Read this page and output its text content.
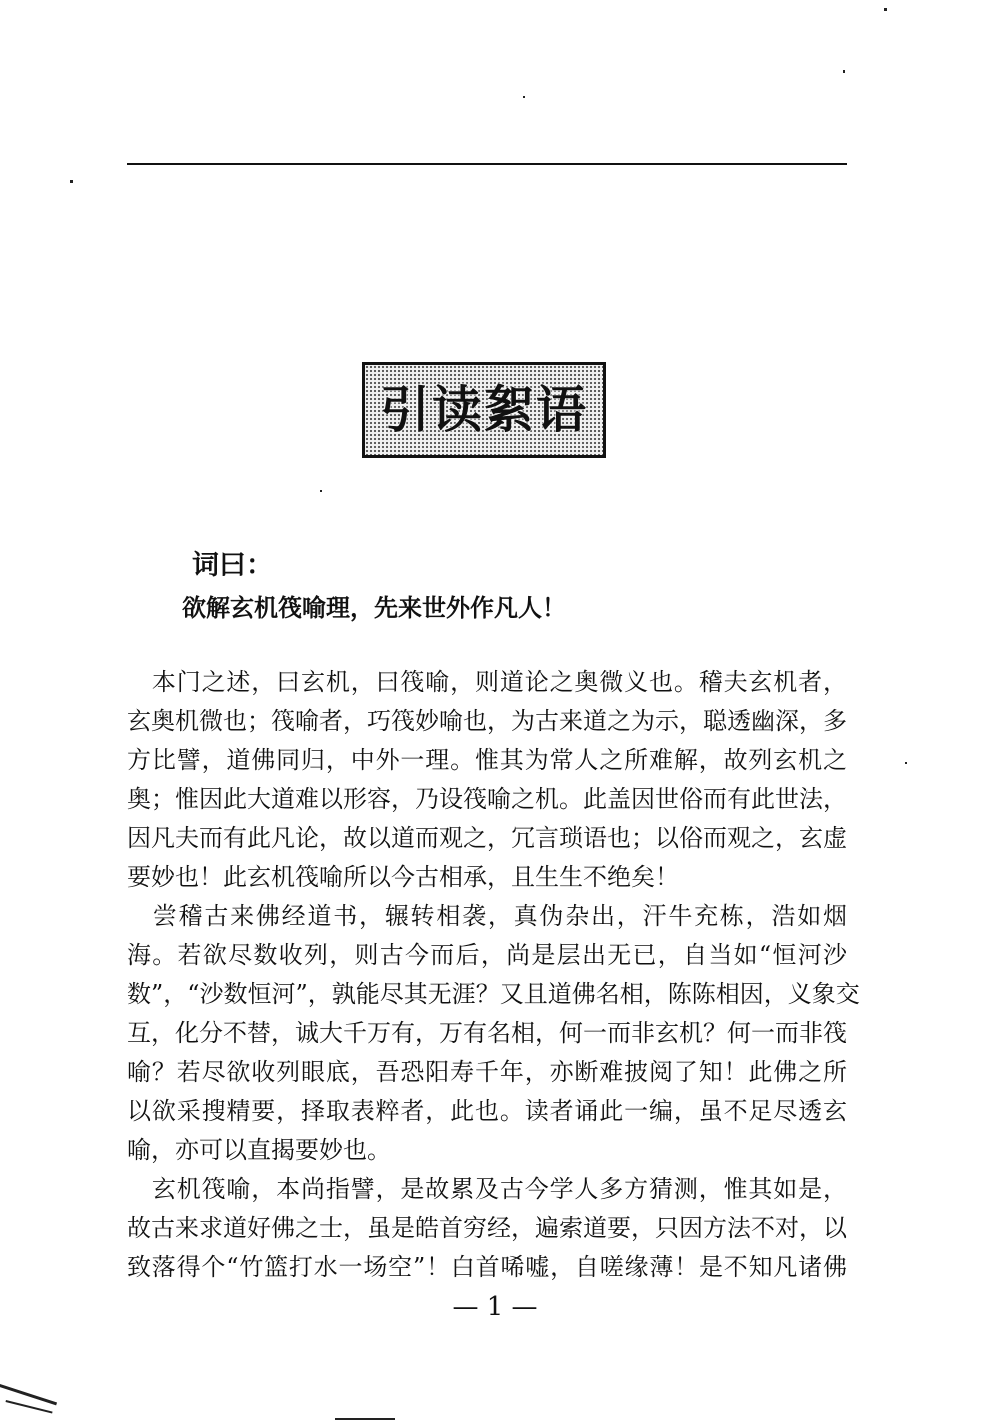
引读絮语
词曰：
欲解玄机筏喻理，先来世外作凡人！
　本门之述，曰玄机，曰筏喻，则道论之奥微义也。稽夫玄机者，
玄奥机微也；筏喻者，巧筏妙喻也，为古来道之为示，聪透幽深，多
方比譬，道佛同归，中外一理。惟其为常人之所难解，故列玄机之
奥；惟因此大道难以形容，乃设筏喻之机。此盖因世俗而有此世法，
因凡夫而有此凡论，故以道而观之，冗言琐语也；以俗而观之，玄虚
要妙也！此玄机筏喻所以今古相承，且生生不绝矣！
　尝稽古来佛经道书，辗转相袭，真伪杂出，汗牛充栋，浩如烟
海。若欲尽数收列，则古今而后，尚是层出无已，自当如“恒河沙
数”，“沙数恒河”，孰能尽其无涯？又且道佛名相，陈陈相因，义象交
互，化分不替，诚大千万有，万有名相，何一而非玄机？何一而非筏
喻？若尽欲收列眼底，吾恐阳寿千年，亦断难披阅了知！此佛之所
以欲采搜精要，择取表粹者，此也。读者诵此一编，虽不足尽透玄
喻，亦可以直揭要妙也。
　玄机筏喻，本尚指譬，是故累及古今学人多方猜测，惟其如是，
故古来求道好佛之士，虽是皓首穷经，遍索道要，只因方法不对，以
致落得个“竹篮打水一场空”！白首唏嘘，自嗟缘薄！是不知凡诸佛
— 1 —
